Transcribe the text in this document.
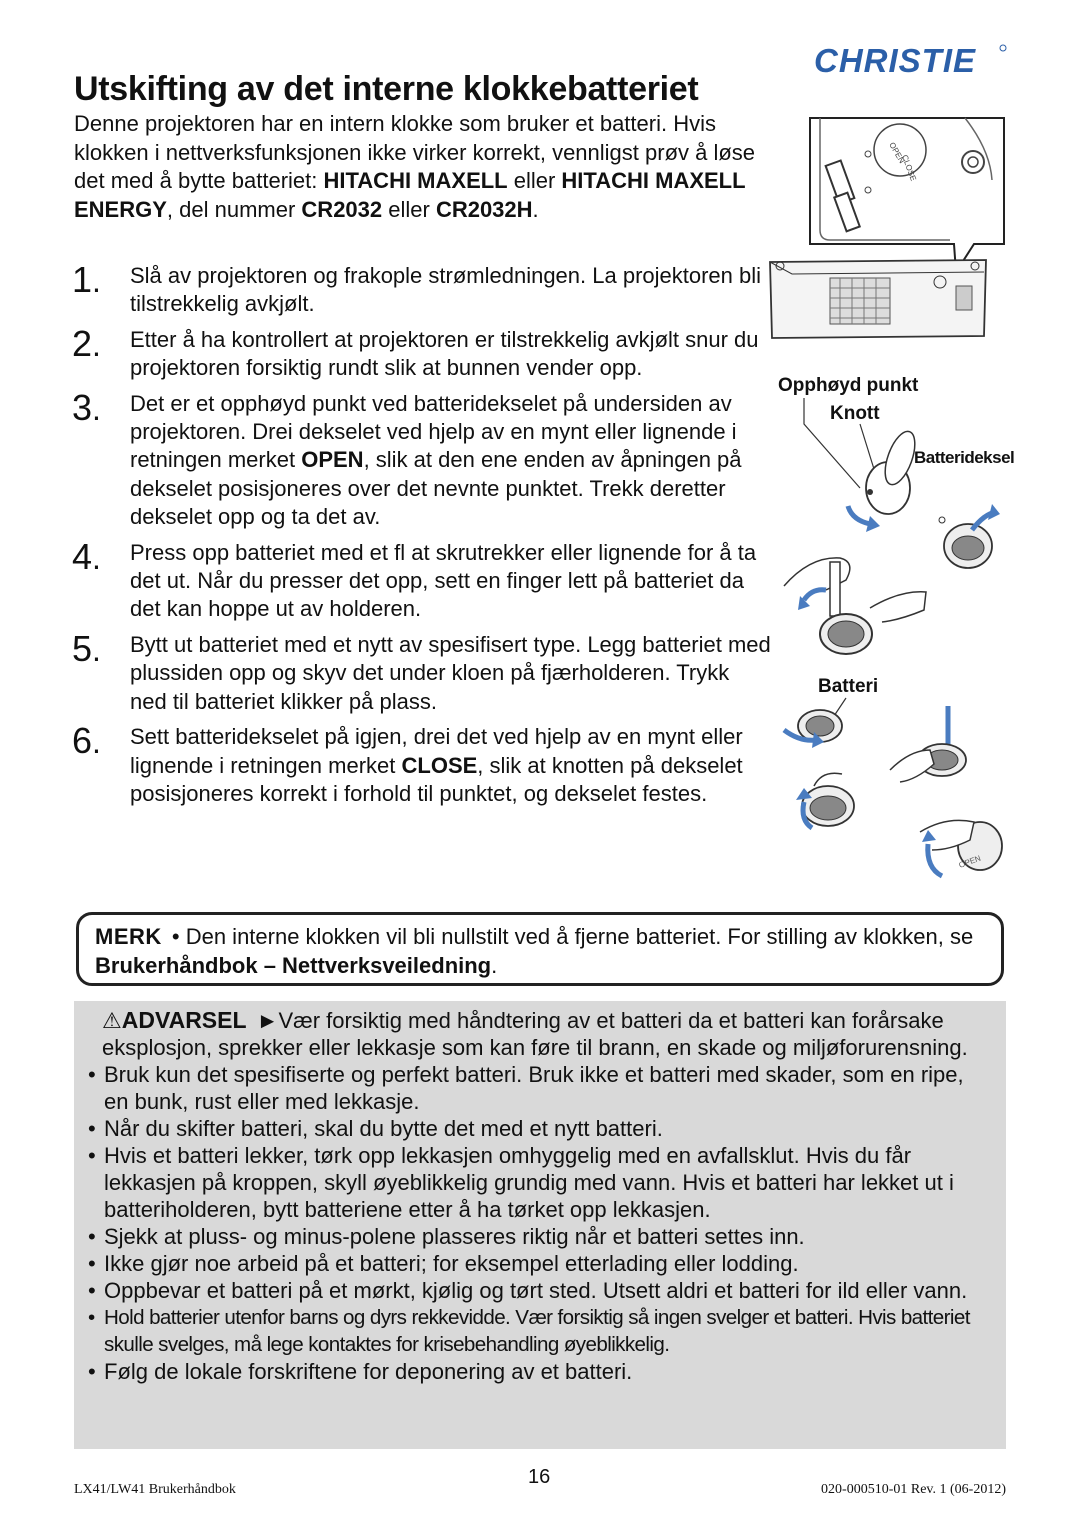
CHRISTIE
Utskifting av det interne klokkebatteriet
Denne projektoren har en intern klokke som bruker et batteri. Hvis klokken i nettverksfunksjonen ikke virker korrekt, vennligst prøv å løse det med å bytte batteriet: HITACHI MAXELL eller HITACHI MAXELL ENERGY, del nummer CR2032 eller CR2032H.
1 .	Slå av projektoren og frakople strømledningen. La projektoren bli tilstrekkelig avkjølt.
2 .	Etter å ha kontrollert at projektoren er tilstrekkelig avkjølt snur du projektoren forsiktig rundt slik at bunnen vender opp.
3 .	Det er et opphøyd punkt ved batteridekselet på undersiden av projektoren. Drei dekselet ved hjelp av en mynt eller lignende i retningen merket OPEN, slik at den ene enden av åpningen på dekselet posisjoneres over det nevnte punktet. Trekk deretter dekselet opp og ta det av.
4 .	Press opp batteriet med et fl at skrutrekker eller lignende for å ta det ut. Når du presser det opp, sett en finger lett på batteriet da det kan hoppe ut av holderen.
5 .	Bytt ut batteriet med et nytt av spesifisert type. Legg batteriet med plussiden opp og skyv det under kloen på fjærholderen. Trykk ned til batteriet klikker på plass.
6 .	Sett batteridekselet på igjen, drei det ved hjelp av en mynt eller lignende i retningen merket CLOSE, slik at knotten på dekselet posisjoneres korrekt i forhold til punktet, og dekselet festes.
OPEN
CLOSE
Opphøyd punkt
Knott
Batterideksel
Batteri
OPEN
MERK • Den interne klokken vil bli nullstilt ved å fjerne batteriet. For stilling av klokken, se Brukerhåndbok – Nettverksveiledning.
⚠ADVARSEL ►Vær forsiktig med håndtering av et batteri da et batteri kan forårsake eksplosjon, sprekker eller lekkasje som kan føre til brann, en skade og miljøforurensning.
• Bruk kun det spesifiserte og perfekt batteri. Bruk ikke et batteri med skader, som en ripe, en bunk, rust eller med lekkasje.
• Når du skifter batteri, skal du bytte det med et nytt batteri.
• Hvis et batteri lekker, tørk opp lekkasjen omhyggelig med en avfallsklut. Hvis du får lekkasjen på kroppen, skyll øyeblikkelig grundig med vann. Hvis et batteri har lekket ut i batteriholderen, bytt batteriene etter å ha tørket opp lekkasjen.
• Sjekk at pluss- og minus-polene plasseres riktig når et batteri settes inn.
• Ikke gjør noe arbeid på et batteri; for eksempel etterlading eller lodding.
• Oppbevar et batteri på et mørkt, kjølig og tørt sted. Utsett aldri et batteri for ild eller vann.
• Hold batterier utenfor barns og dyrs rekkevidde. Vær forsiktig så ingen svelger et batteri. Hvis batteriet skulle svelges, må lege kontaktes for krisebehandling øyeblikkelig.
• Følg de lokale forskriftene for deponering av et batteri.
LX41/LW41 Brukerhåndbok
16
020-000510-01 Rev. 1 (06-2012)
